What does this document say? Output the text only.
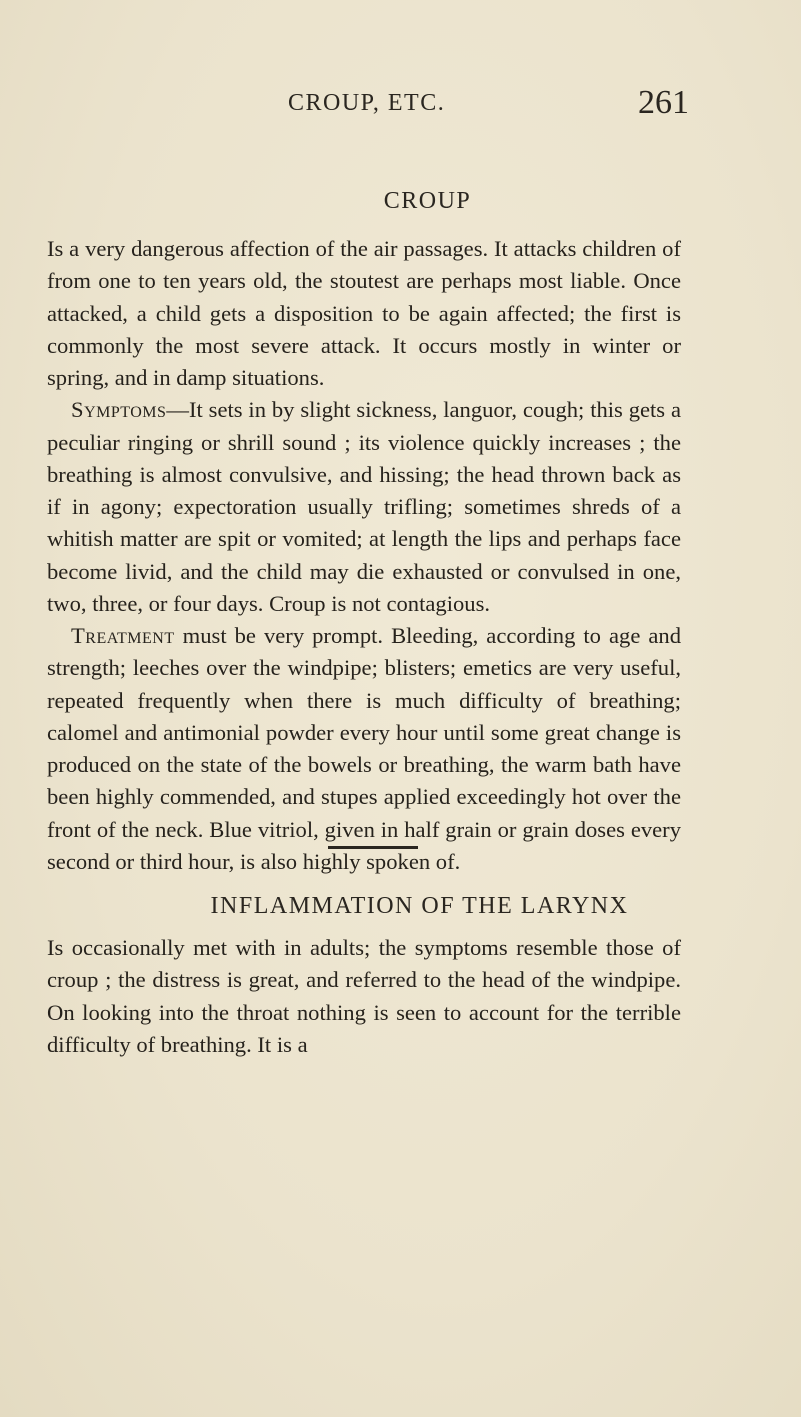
CROUP, ETC.	261
CROUP

Is a very dangerous affection of the air passages. It attacks children of from one to ten years old, the stoutest are perhaps most liable. Once attacked, a child gets a disposition to be again affected; the first is commonly the most severe attack. It occurs mostly in winter or spring, and in damp situations.

Symptoms—It sets in by slight sickness, languor, cough; this gets a peculiar ringing or shrill sound ; its violence quickly increases ; the breathing is almost convulsive, and hissing; the head thrown back as if in agony; expectoration usually trifling; sometimes shreds of a whitish matter are spit or vomited; at length the lips and perhaps face become livid, and the child may die exhausted or convulsed in one, two, three, or four days. Croup is not contagious.

Treatment must be very prompt. Bleeding, according to age and strength; leeches over the windpipe; blisters; emetics are very useful, repeated frequently when there is much difficulty of breathing; calomel and antimonial powder every hour until some great change is produced on the state of the bowels or breathing, the warm bath have been highly commended, and stupes applied exceedingly hot over the front of the neck. Blue vitriol, given in half grain or grain doses every second or third hour, is also highly spoken of.

INFLAMMATION OF THE LARYNX

Is occasionally met with in adults; the symptoms resemble those of croup ; the distress is great, and referred to the head of the windpipe. On looking into the throat nothing is seen to account for the terrible difficulty of breathing. It is a
